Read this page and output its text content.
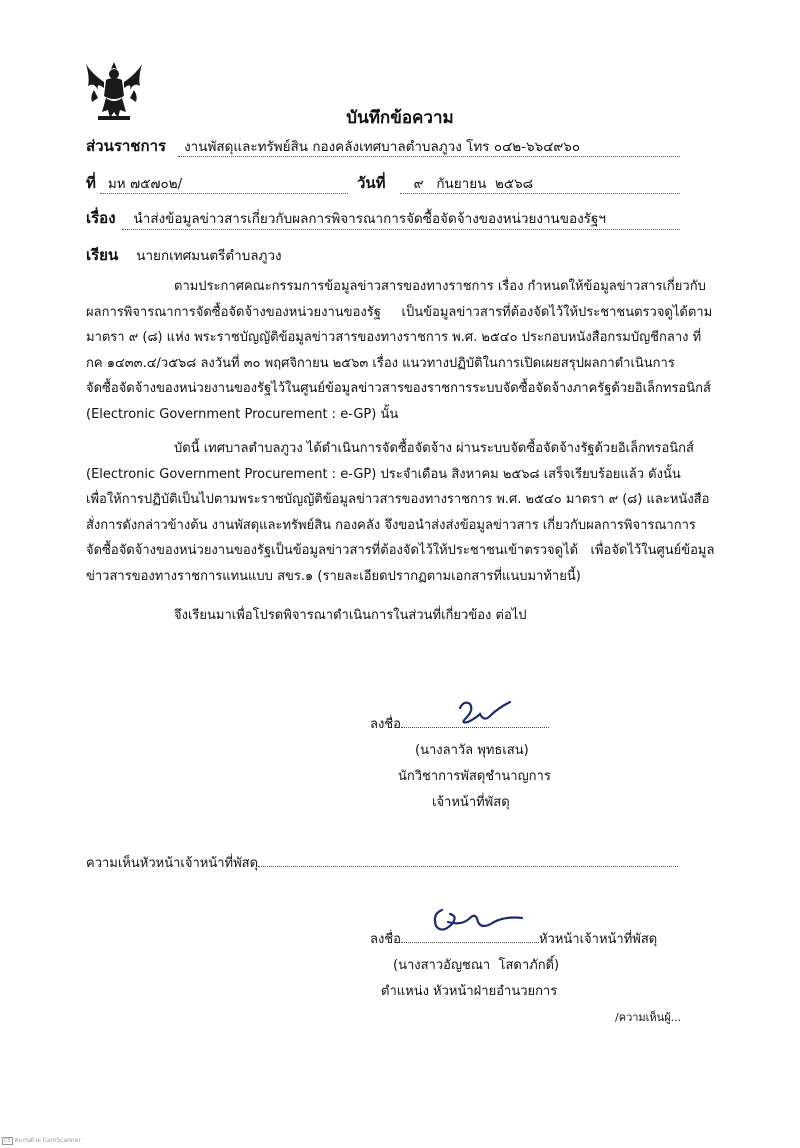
บันทึกข้อความ
ส่วนราชการ งานพัสดุและทรัพย์สิน กองคลังเทศบาลตำบลภูวง โทร ๐๔๒-๖๖๔๙๖๐
ที่ มห ๗๕๗๐๒/	วันที่ ๙   กันยายน  ๒๕๖๘
เรื่อง นำส่งข้อมูลข่าวสารเกี่ยวกับผลการพิจารณาการจัดซื้อจัดจ้างของหน่วยงานของรัฐฯ
เรียน นายกเทศมนตรีตำบลภูวง
ตามประกาศคณะกรรมการข้อมูลข่าวสารของทางราชการ เรื่อง กำหนดให้ข้อมูลข่าวสารเกี่ยวกับ
ผลการพิจารณาการจัดซื้อจัดจ้างของหน่วยงานของรัฐ     เป็นข้อมูลข่าวสารที่ต้องจัดไว้ให้ประชาชนตรวจดูได้ตาม
มาตรา ๙ (๘) แห่ง พระราชบัญญัติข้อมูลข่าวสารของทางราชการ พ.ศ. ๒๕๔๐ ประกอบหนังสือกรมบัญชีกลาง ที่
กค ๑๔๓๓.๔/ว๕๖๘ ลงวันที่ ๓๐ พฤศจิกายน ๒๕๖๓ เรื่อง แนวทางปฏิบัติในการเปิดเผยสรุปผลกาดำเนินการ
จัดซื้อจัดจ้างของหน่วยงานของรัฐไว้ในศูนย์ข้อมูลข่าวสารของราชการระบบจัดซื้อจัดจ้างภาครัฐด้วยอิเล็กทรอนิกส์
(Electronic Government Procurement : e-GP) นั้น
บัดนี้ เทศบาลตำบลภูวง ได้ดำเนินการจัดซื้อจัดจ้าง ผ่านระบบจัดซื้อจัดจ้างรัฐด้วยอิเล็กทรอนิกส์
(Electronic Government Procurement : e-GP) ประจำเดือน สิงหาคม ๒๕๖๘ เสร็จเรียบร้อยแล้ว ดังนั้น
เพื่อให้การปฏิบัติเป็นไปตามพระราชบัญญัติข้อมูลข่าวสารของทางราชการ พ.ศ. ๒๕๔๐ มาตรา ๙ (๘) และหนังสือ
สั่งการดังกล่าวข้างต้น งานพัสดุและทรัพย์สิน กองคลัง จึงขอนำส่งส่งข้อมูลข่าวสาร เกี่ยวกับผลการพิจารณาการ
จัดซื้อจัดจ้างของหน่วยงานของรัฐเป็นข้อมูลข่าวสารที่ต้องจัดไว้ให้ประชาชนเข้าตรวจดูได้   เพื่อจัดไว้ในศูนย์ข้อมูล
ข่าวสารของทางราชการแทนแบบ สขร.๑ (รายละเอียดปรากฏตามเอกสารที่แนบมาท้ายนี้)
จึงเรียนมาเพื่อโปรดพิจารณาดำเนินการในส่วนที่เกี่ยวข้อง ต่อไป
ลงชื่อ
(นางลาวัล พุทธเสน)
นักวิชาการพัสดุชำนาญการ
เจ้าหน้าที่พัสดุ
ความเห็นหัวหน้าเจ้าหน้าที่พัสดุ
ลงชื่อ	หัวหน้าเจ้าหน้าที่พัสดุ
(นางสาวอัญชณา  โสดาภักดิ์)
ตำแหน่ง หัวหน้าฝ่ายอำนวยการ
/ความเห็นผู้...
CS สแกนด้วย CamScanner
